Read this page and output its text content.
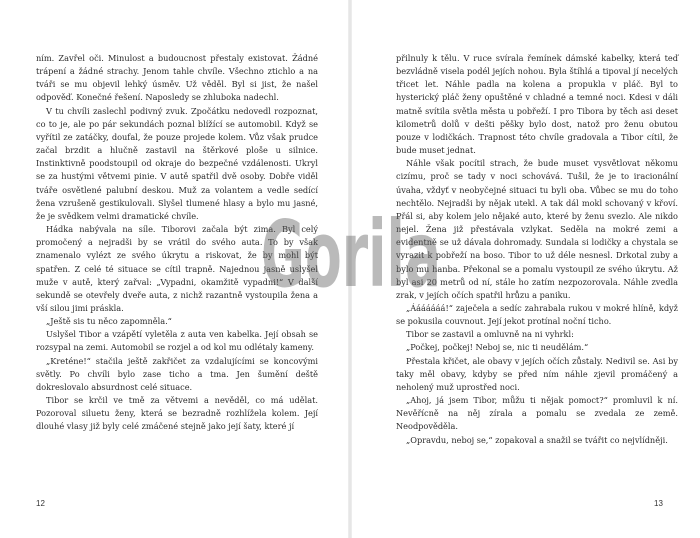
ním. Zavřel oči. Minulost a budoucnost přestaly existovat. Žádné trápení a žádné strachy. Jenom tahle chvíle. Všechno ztichlo a na tváři se mu objevil lehký úsměv. Už věděl. Byl si jist, že našel odpověď. Konečné řešení. Naposledy se zhluboka nadechl.

V tu chvíli zaslechl podivný zvuk. Zpočátku nedovedl rozpoznat, co to je, ale po pár sekundách poznal blížící se automobil. Když se vyřítil ze zatáčky, doufal, že pouze projede kolem. Vůz však prudce začal brzdit a hlučně zastavil na štěrkové ploše u silnice. Instinktivně poodstoupil od okraje do bezpečné vzdálenosti. Ukryl se za hustými větvemi pinie. V autě spatřil dvě osoby. Dobře viděl tváře osvětlené palubní deskou. Muž za volantem a vedle sedící žena vzrušeně gestikulovali. Slyšel tlumené hlasy a bylo mu jasné, že je svědkem velmi dramatické chvíle.

Hádka nabývala na síle. Tiborovi začala být zima. Byl celý promočený a nejradši by se vrátil do svého auta. To by však znamenalo vylézt ze svého úkrytu a riskovat, že by mohl být spatřen. Z celé té situace se cítil trapně. Najednou jasně uslyšel muže v autě, který zařval: „Vypadni, okamžitě vypadni!“ V další sekundě se otevřely dveře auta, z nichž razantně vystoupila žena a vší silou jimi práskla.

„Ještě sis tu něco zapomněla.“

Uslyšel Tibor a vzápětí vyletěla z auta ven kabelka. Její obsah se rozsypal na zemi. Automobil se rozjel a od kol mu odlétaly kameny.

„Kreténe!“ stačila ještě zakřičet za vzdalujícími se koncovými světly. Po chvíli bylo zase ticho a tma. Jen šumění deště dokreslovalo absurdnost celé situace.

Tibor se krčil ve tmě za větvemi a nevěděl, co má udělat. Pozoroval siluetu ženy, která se bezradně rozhlížela kolem. Její dlouhé vlasy již byly celé zmáčené stejně jako její šaty, které jí

přilnuly k tělu. V ruce svírala řemínek dámské kabelky, která teď bezvládně visela podél jejích nohou. Byla štíhlá a tipoval jí necelých třicet let. Náhle padla na kolena a propukla v pláč. Byl to hysterický pláč ženy opuštěné v chladné a temné noci. Kdesi v dáli matně svítila světla města u pobřeží. I pro Tibora by těch asi deset kilometrů dolů v dešti pěšky bylo dost, natož pro ženu obutou pouze v lodičkách. Trapnost této chvíle gradovala a Tibor cítil, že bude muset jednat.

Náhle však pocítil strach, že bude muset vysvětlovat někomu cizímu, proč se tady v noci schovává. Tušil, že je to iracionální úvaha, vždyť v neobyčejné situaci tu byli oba. Vůbec se mu do toho nechtělo. Nejradši by nějak utekl. A tak dál mokl schovaný v křoví. Přál si, aby kolem jelo nějaké auto, které by ženu svezlo. Ale nikdo nejel. Žena již přestávala vzlykat. Seděla na mokré zemi a evidentně se už dávala dohromady. Sundala si lodičky a chystala se vyrazit k pobřeží na boso. Tibor to už déle nesnesl. Drkotal zuby a bylo mu hanba. Překonal se a pomalu vystoupil ze svého úkrytu. Až byl asi 20 metrů od ní, stále ho zatím nezpozorovala. Náhle zvedla zrak, v jejích očích spatřil hrůzu a paniku.

„Ááááááá!“ zaječela a sedíc zahrabala rukou v mokré hlíně, když se pokusila couvnout. Její jekot protínal noční ticho.

Tibor se zastavil a omluvně na ni vyhrkl:

„Počkej, počkej! Neboj se, nic ti neudělám.“

Přestala křičet, ale obavy v jejích očích zůstaly. Nedivil se. Asi by taky měl obavy, kdyby se před ním náhle zjevil promáčený a neholený muž uprostřed noci.

„Ahoj, já jsem Tibor, můžu ti nějak pomoct?“ promluvil k ní. Nevěřícně na něj zírala a pomalu se zvedala ze země. Neodpověděla.

„Opravdu, neboj se,“ zopakoval a snažil se tvářit co nejvlídněji.

12	13
Gorila
